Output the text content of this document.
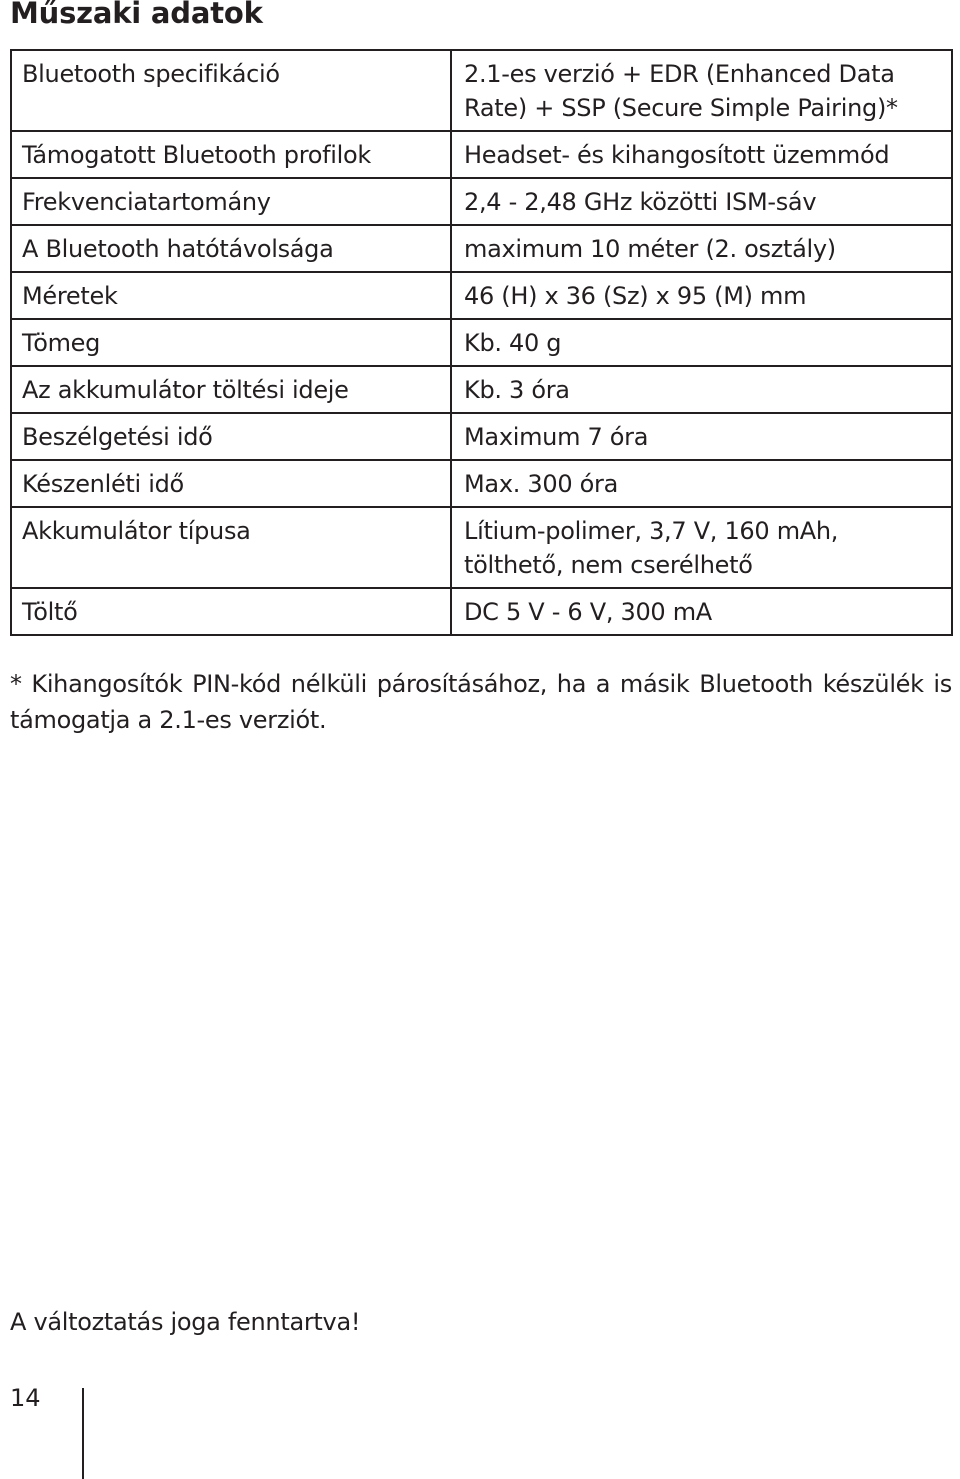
Műszaki adatok
Bluetooth specifikáció	2.1-es verzió + EDR (Enhanced Data Rate) + SSP (Secure Simple Pairing)*
Támogatott Bluetooth profilok	Headset- és kihangosított üzemmód
Frekvenciatartomány	2,4 - 2,48 GHz közötti ISM-sáv
A Bluetooth hatótávolsága	maximum 10 méter (2. osztály)
Méretek	46 (H) x 36 (Sz) x 95 (M) mm
Tömeg	Kb. 40 g
Az akkumulátor töltési ideje	Kb. 3 óra
Beszélgetési idő	Maximum 7 óra
Készenléti idő	Max. 300 óra
Akkumulátor típusa	Lítium-polimer, 3,7 V, 160 mAh, tölthető, nem cserélhető
Töltő	DC 5 V - 6 V, 300 mA

* Kihangosítók PIN-kód nélküli párosításához, ha a másik Bluetooth készülék is támogatja a 2.1-es verziót.

A változtatás joga fenntartva!

14
